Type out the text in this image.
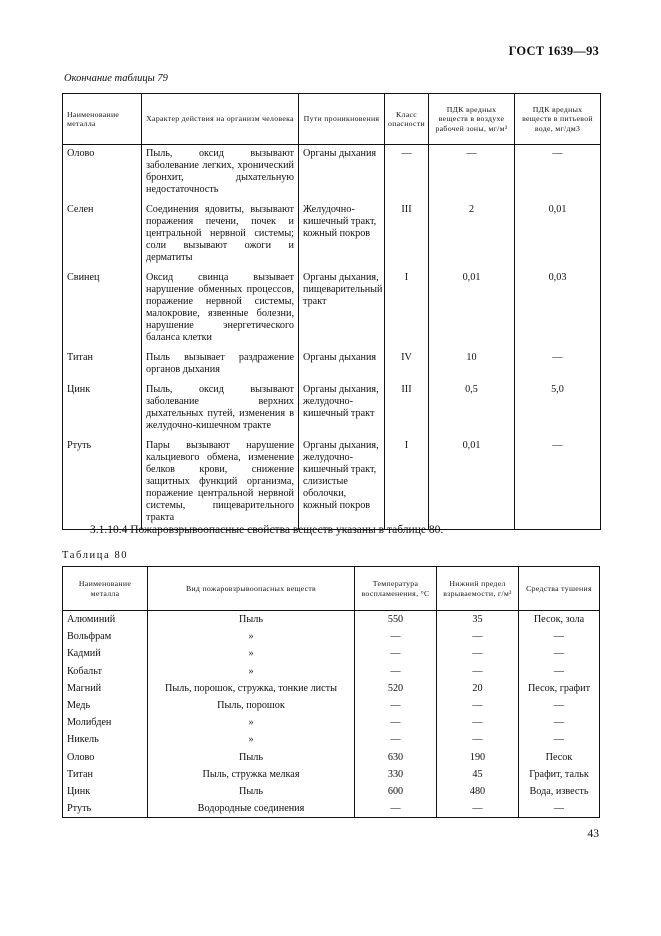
ГОСТ 1639—93
Окончание таблицы 79
Наименование металла	Характер действия на организм человека	Пути проникновения	Класс опасности	ПДК вредных веществ в воздухе рабочей зоны, мг/м³	ПДК вредных веществ в питьевой воде, мг/дм3
Олово	Пыль, оксид вызывают заболевание легких, хронический бронхит, дыхательную недостаточность	Органы дыхания	—	—	—
Селен	Соединения ядовиты, вызывают поражения печени, почек и центральной нервной системы; соли вызывают ожоги и дерматиты	Желудочно-кишечный тракт, кожный покров	III	2	0,01
Свинец	Оксид свинца вызывает нарушение обменных процессов, поражение нервной системы, малокровие, язвенные болезни, нарушение энергетического баланса клетки	Органы дыхания, пищеварительный тракт	I	0,01	0,03
Титан	Пыль вызывает раздражение органов дыхания	Органы дыхания	IV	10	—
Цинк	Пыль, оксид вызывают заболевание верхних дыхательных путей, изменения в желудочно-кишечном тракте	Органы дыхания, желудочно-кишечный тракт	III	0,5	5,0
Ртуть	Пары вызывают нарушение кальциевого обмена, изменение белков крови, снижение защитных функций организма, поражение центральной нервной системы, пищеварительного тракта	Органы дыхания, желудочно-кишечный тракт, слизистые оболочки, кожный покров	I	0,01	—
3.1.10.4 Пожаровзрывоопасные свойства веществ указаны в таблице 80.
Таблица 80
Наименование металла	Вид пожаровзрывоопасных веществ	Температура воспламенения, °С	Нижний предел взрываемости, г/м³	Средства тушения
Алюминий	Пыль	550	35	Песок, зола
Вольфрам	»	—	—	—
Кадмий	»	—	—	—
Кобальт	»	—	—	—
Магний	Пыль, порошок, стружка, тонкие листы	520	20	Песок, графит
Медь	Пыль, порошок	—	—	—
Молибден	»	—	—	—
Никель	»	—	—	—
Олово	Пыль	630	190	Песок
Титан	Пыль, стружка мелкая	330	45	Графит, тальк
Цинк	Пыль	600	480	Вода, известь
Ртуть	Водородные соединения	—	—	—
43
